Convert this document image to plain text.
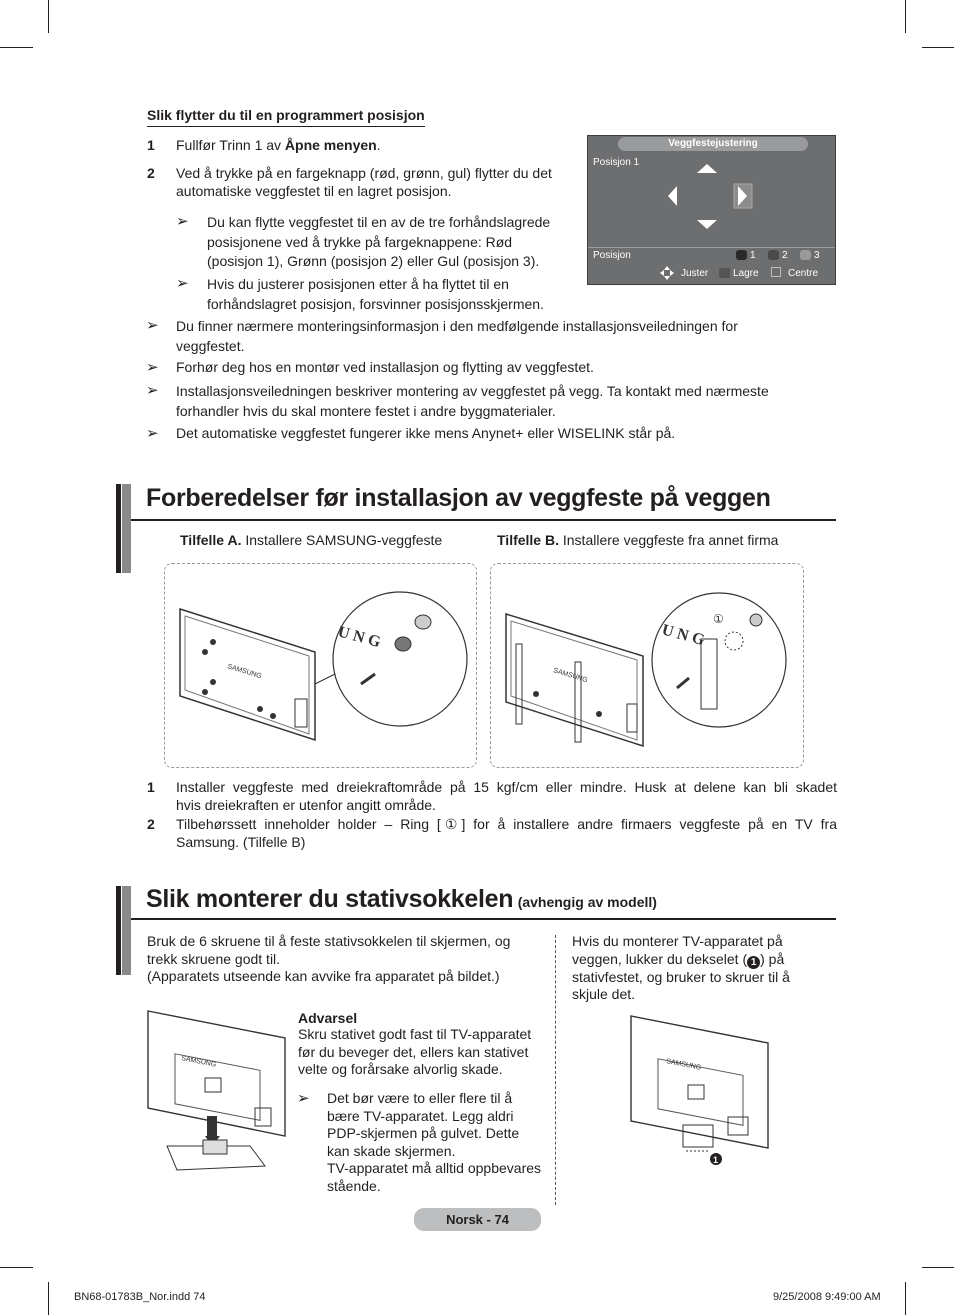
Slik flytter du til en programmert posisjon
1 Fullfør Trinn 1 av Åpne menyen.
2 Ved å trykke på en fargeknapp (rød, grønn, gul) flytter du det
automatiske veggfestet til en lagret posisjon.
➢ Du kan flytte veggfestet til en av de tre forhåndslagrede
posisjonene ved å trykke på fargeknappene: Rød
(posisjon 1), Grønn (posisjon 2) eller Gul (posisjon 3).
➢ Hvis du justerer posisjonen etter å ha flyttet til en
forhåndslagret posisjon, forsvinner posisjonsskjermen.
➢ Du finner nærmere monteringsinformasjon i den medfølgende installasjonsveiledningen for
veggfestet.
➢ Forhør deg hos en montør ved installasjon og flytting av veggfestet.
➢ Installasjonsveiledningen beskriver montering av veggfestet på vegg. Ta kontakt med nærmeste
forhandler hvis du skal montere festet i andre byggmaterialer.
➢ Det automatiske veggfestet fungerer ikke mens Anynet+ eller WISELINK står på.
Veggfestejustering
Posisjon 1
Posisjon	1	2	3
Juster Lagre	Centre
Forberedelser før installasjon av veggfeste på veggen
Tilfelle A. Installere SAMSUNG-veggfeste	Tilfelle B. Installere veggfeste fra annet firma
SAMSUNG
U N G
SAMSUNG
U N G
①
1 Installer veggfeste med dreiekraftområde på 15 kgf/cm eller mindre. Husk at delene kan bli skadet
hvis dreiekraften er utenfor angitt område.
2 Tilbehørssett inneholder holder – Ring [①] for å installere andre firmaers veggfeste på en TV fra
Samsung. (Tilfelle B)
Slik monterer du stativsokkelen (avhengig av modell)
Bruk de 6 skruene til å feste stativsokkelen til skjermen, og
trekk skruene godt til.
(Apparatets utseende kan avvike fra apparatet på bildet.)
SAMSUNG
Advarsel
Skru stativet godt fast til TV-apparatet
før du beveger det, ellers kan stativet
velte og forårsake alvorlig skade.
➢ Det bør være to eller flere til å
bære TV-apparatet. Legg aldri
PDP-skjermen på gulvet. Dette
kan skade skjermen.
TV-apparatet må alltid oppbevares
stående.
Hvis du monterer TV-apparatet på
veggen, lukker du dekselet ( 1 ) på
stativfestet, og bruker to skruer til å
skjule det.
SAMSUNG
1
Norsk - 74
BN68-01783B_Nor.indd 74	9/25/2008 9:49:00 AM
